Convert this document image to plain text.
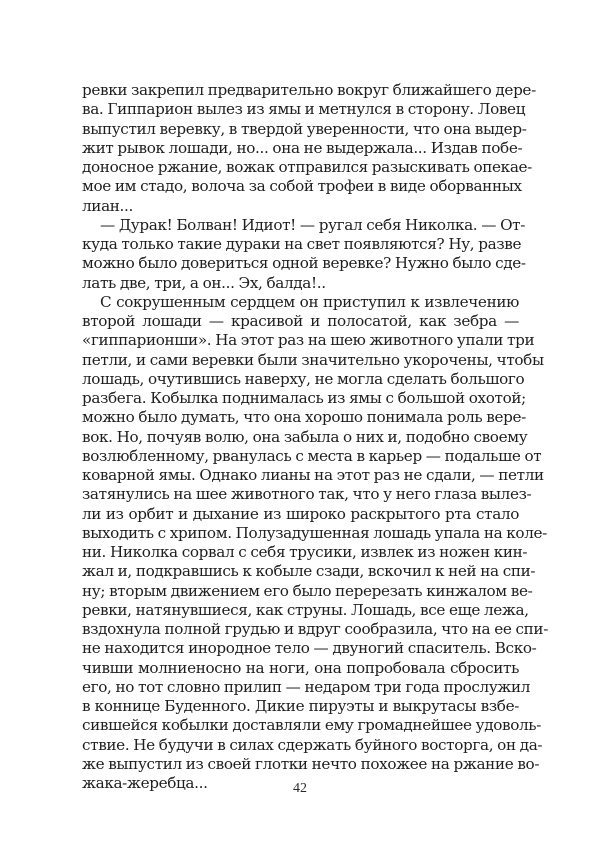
ревки закрепил предварительно вокруг ближайшего дере-
ва. Гиппарион вылез из ямы и метнулся в сторону. Ловец
выпустил веревку, в твердой уверенности, что она выдер-
жит рывок лошади, но... она не выдержала... Издав побе-
доносное ржание, вожак отправился разыскивать опекае-
мое им стадо, волоча за собой трофеи в виде оборванных
лиан...
— Дурак! Болван! Идиот! — ругал себя Николка. — От-
куда только такие дураки на свет появляются? Ну, разве
можно было довериться одной веревке? Нужно было сде-
лать две, три, а он... Эх, балда!..
С сокрушенным сердцем он приступил к извлечению
второй лошади — красивой и полосатой, как зебра —
«гиппарионши». На этот раз на шею животного упали три
петли, и сами веревки были значительно укорочены, чтобы
лошадь, очутившись наверху, не могла сделать большого
разбега. Кобылка поднималась из ямы с большой охотой;
можно было думать, что она хорошо понимала роль вере-
вок. Но, почуяв волю, она забыла о них и, подобно своему
возлюбленному, рванулась с места в карьер — подальше от
коварной ямы. Однако лианы на этот раз не сдали, — петли
затянулись на шее животного так, что у него глаза вылез-
ли из орбит и дыхание из широко раскрытого рта стало
выходить с хрипом. Полузадушенная лошадь упала на коле-
ни. Николка сорвал с себя трусики, извлек из ножен кин-
жал и, подкравшись к кобыле сзади, вскочил к ней на спи-
ну; вторым движением его было перерезать кинжалом ве-
ревки, натянувшиеся, как струны. Лошадь, все еще лежа,
вздохнула полной грудью и вдруг сообразила, что на ее спи-
не находится инородное тело — двуногий спаситель. Вско-
чивши молниеносно на ноги, она попробовала сбросить
его, но тот словно прилип — недаром три года прослужил
в коннице Буденного. Дикие пируэты и выкрутасы взбе-
сившейся кобылки доставляли ему громаднейшее удоволь-
ствие. Не будучи в силах сдержать буйного восторга, он да-
же выпустил из своей глотки нечто похожее на ржание во-
жака-жеребца...	42
